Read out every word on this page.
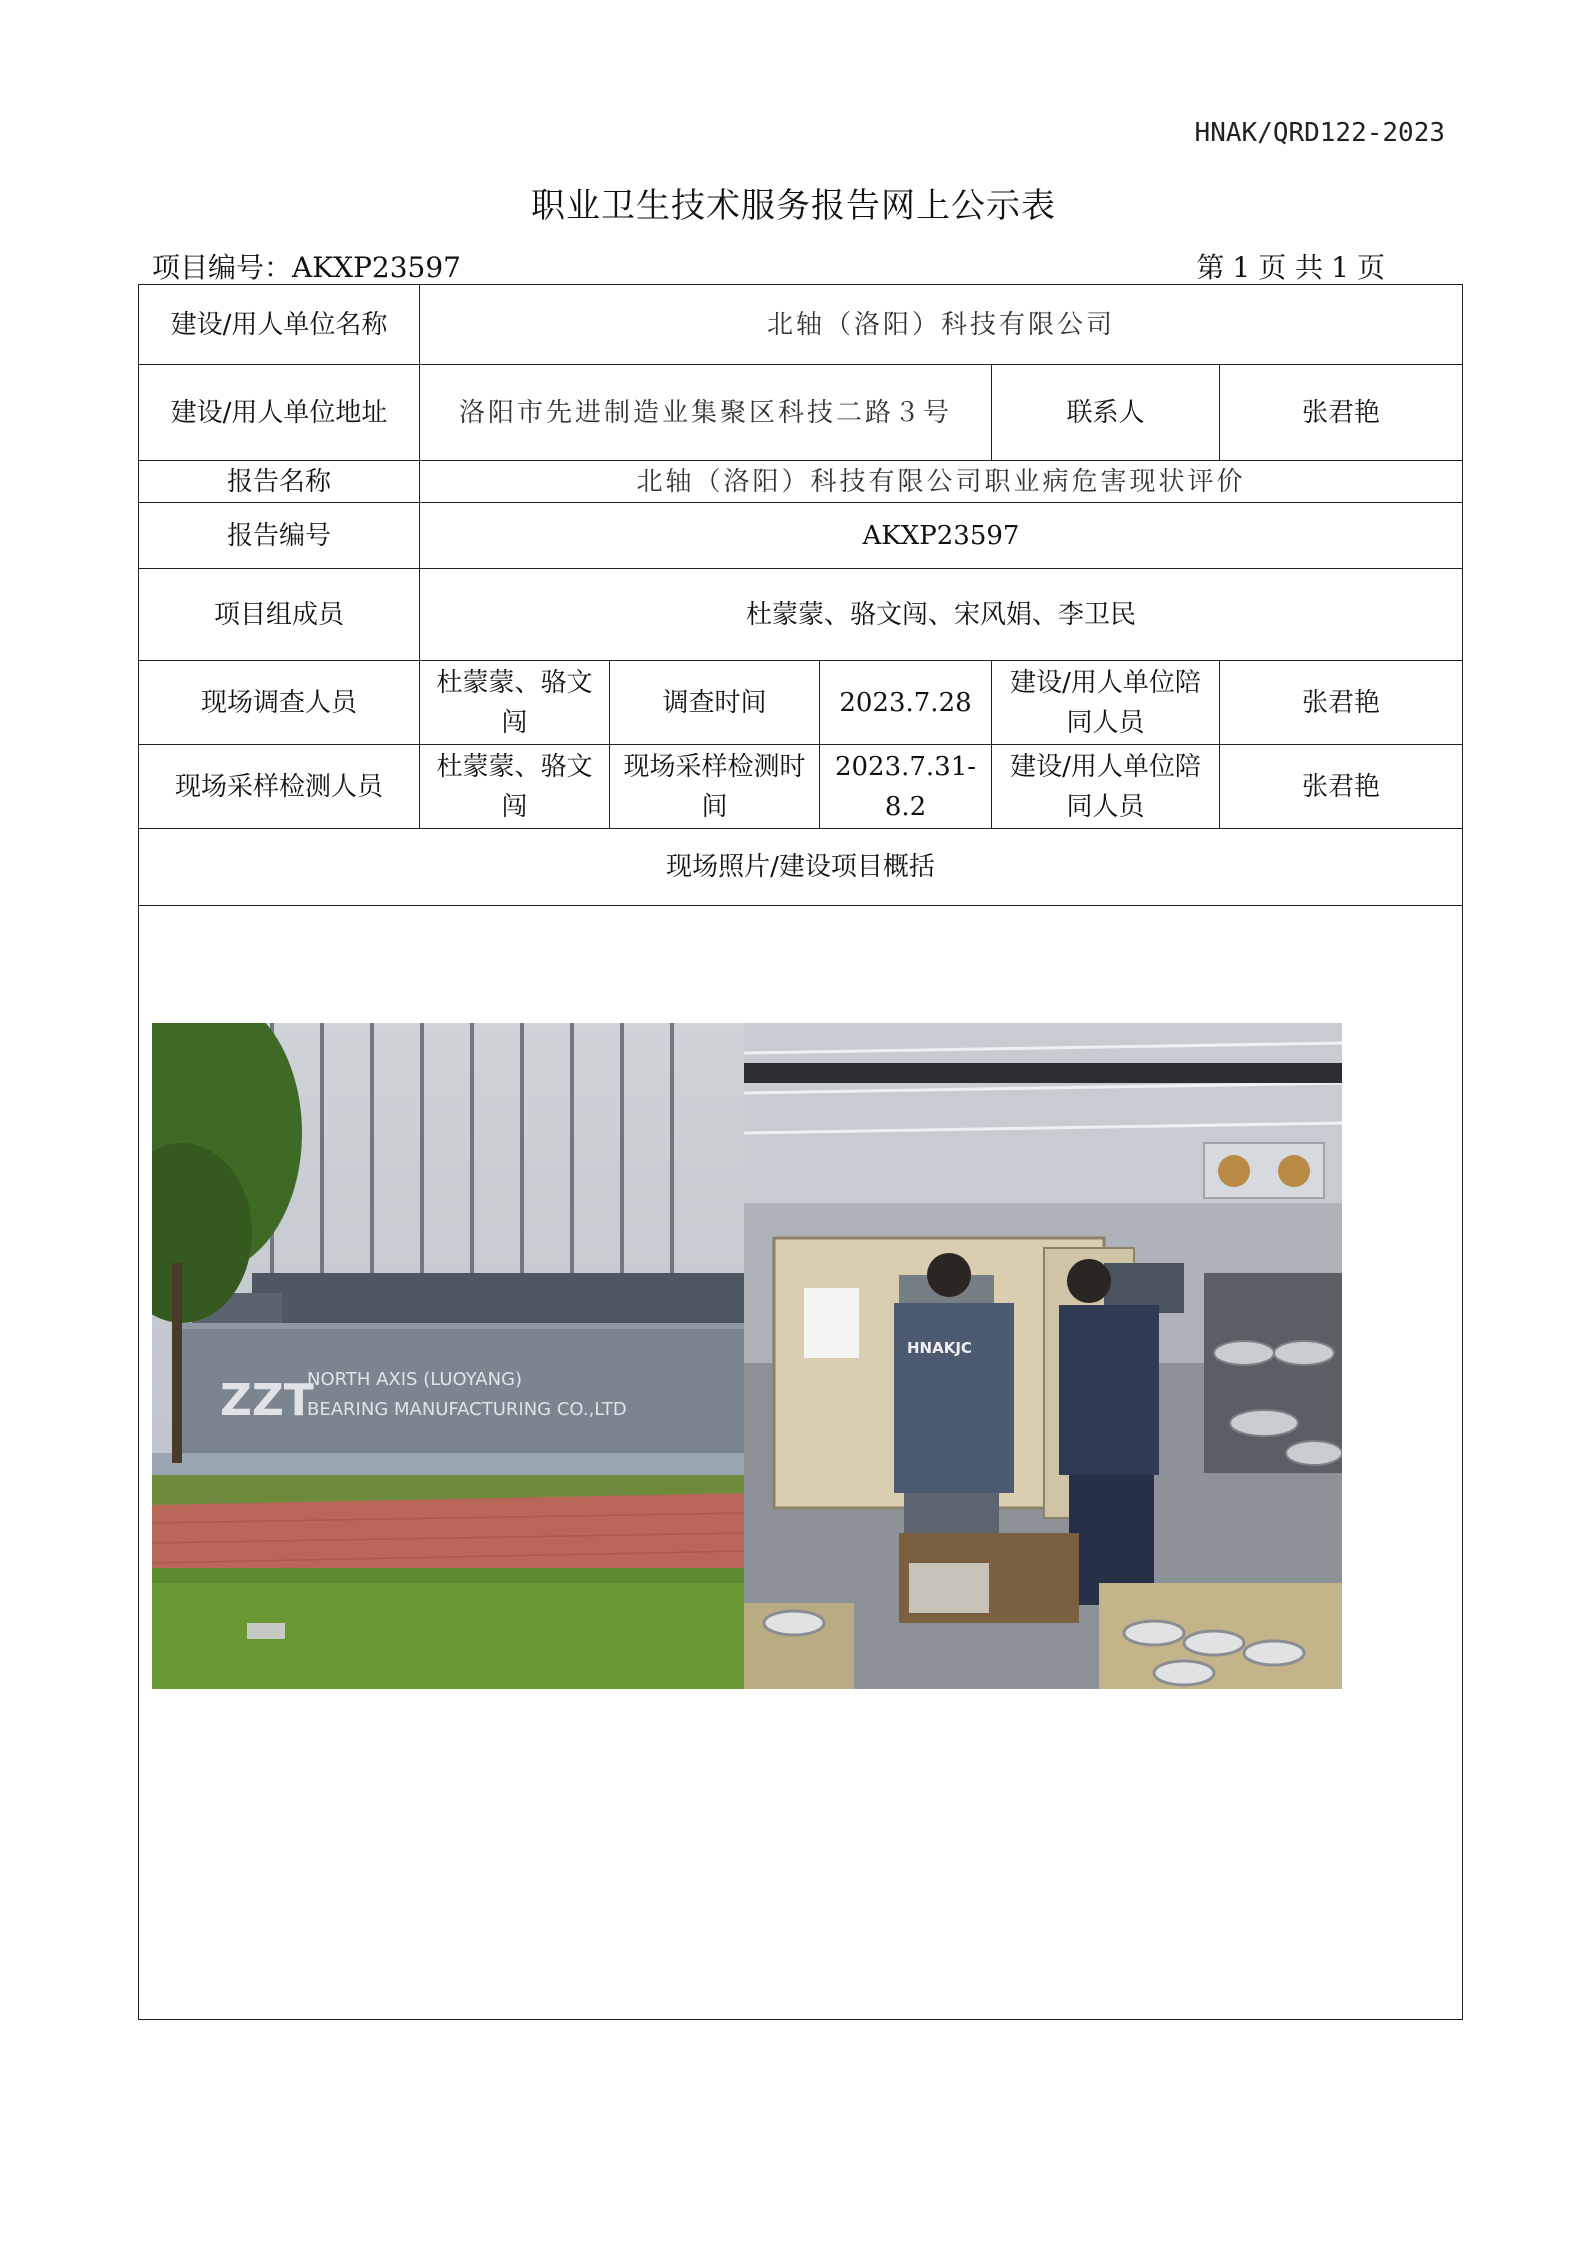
HNAK/QRD122-2023
职业卫生技术服务报告网上公示表
项目编号：AKXP23597	第 1 页 共 1 页
建设/用人单位名称	北轴（洛阳）科技有限公司				
建设/用人单位地址	洛阳市先进制造业集聚区科技二路３号			联系人	张君艳
报告名称	北轴（洛阳）科技有限公司职业病危害现状评价				
报告编号	AKXP23597				
项目组成员	杜蒙蒙、骆文闯、宋风娟、李卫民				
现场调查人员	杜蒙蒙、骆文闯	调查时间	2023.7.28	建设/用人单位陪同人员	张君艳
现场采样检测人员	杜蒙蒙、骆文闯	现场采样检测时间	2023.7.31-8.2	建设/用人单位陪同人员	张君艳
现场照片/建设项目概括					

ZZT
NORTH AXIS (LUOYANG)
BEARING MANUFACTURING CO.,LTD
HNAKJC					
